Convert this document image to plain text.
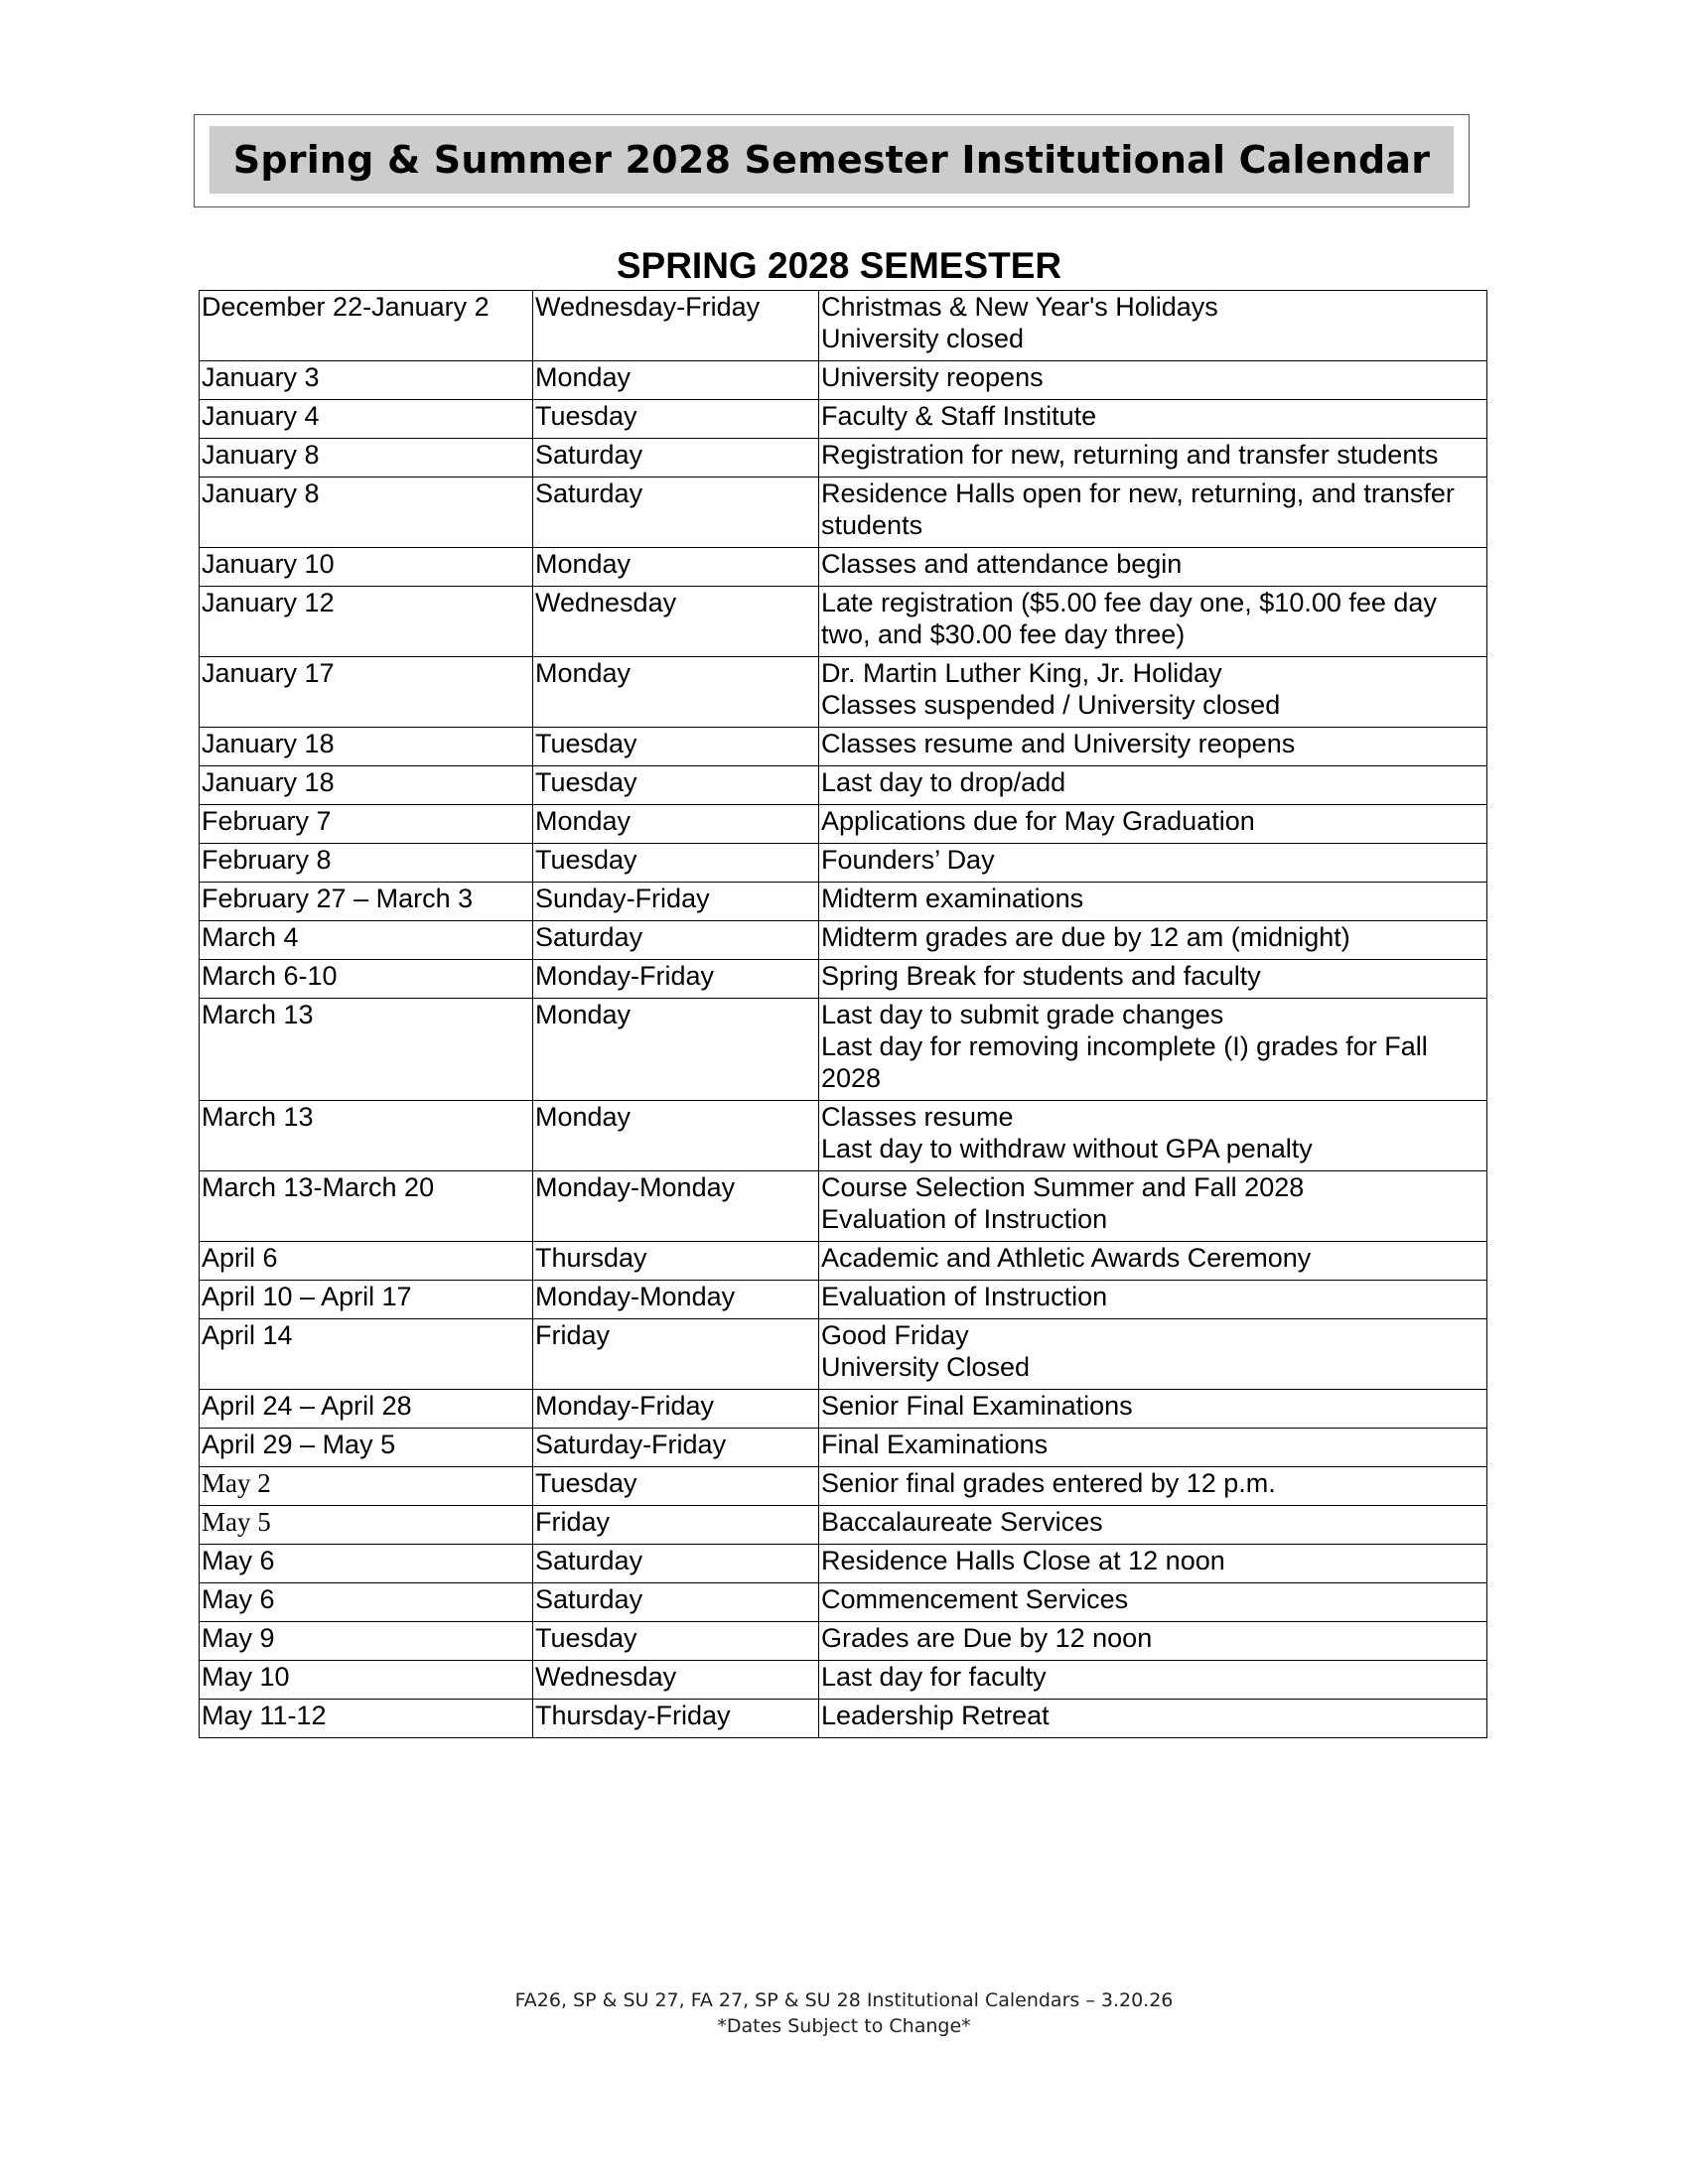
Spring & Summer 2028 Semester Institutional Calendar
SPRING 2028 SEMESTER
December 22-January 2	Wednesday-Friday	Christmas & New Year's Holidays
University closed
January 3	Monday	University reopens
January 4	Tuesday	Faculty & Staff Institute
January 8	Saturday	Registration for new, returning and transfer students
January 8	Saturday	Residence Halls open for new, returning, and transfer students
January 10	Monday	Classes and attendance begin
January 12	Wednesday	Late registration ($5.00 fee day one, $10.00 fee day two, and $30.00 fee day three)
January 17	Monday	Dr. Martin Luther King, Jr. Holiday
Classes suspended / University closed
January 18	Tuesday	Classes resume and University reopens
January 18	Tuesday	Last day to drop/add
February 7	Monday	Applications due for May Graduation
February 8	Tuesday	Founders’ Day
February 27 – March 3	Sunday-Friday	Midterm examinations
March 4	Saturday	Midterm grades are due by 12 am (midnight)
March 6-10	Monday-Friday	Spring Break for students and faculty
March 13	Monday	Last day to submit grade changes
Last day for removing incomplete (I) grades for Fall 2028
March 13	Monday	Classes resume
Last day to withdraw without GPA penalty
March 13-March 20	Monday-Monday	Course Selection Summer and Fall 2028
Evaluation of Instruction
April 6	Thursday	Academic and Athletic Awards Ceremony
April 10 – April 17	Monday-Monday	Evaluation of Instruction
April 14	Friday	Good Friday
University Closed
April 24 – April 28	Monday-Friday	Senior Final Examinations
April 29 – May 5	Saturday-Friday	Final Examinations
May 2	Tuesday	Senior final grades entered by 12 p.m.
May 5	Friday	Baccalaureate Services
May 6	Saturday	Residence Halls Close at 12 noon
May 6	Saturday	Commencement Services
May 9	Tuesday	Grades are Due by 12 noon
May 10	Wednesday	Last day for faculty
May 11-12	Thursday-Friday	Leadership Retreat
FA26, SP & SU 27, FA 27, SP & SU 28 Institutional Calendars – 3.20.26
*Dates Subject to Change*
